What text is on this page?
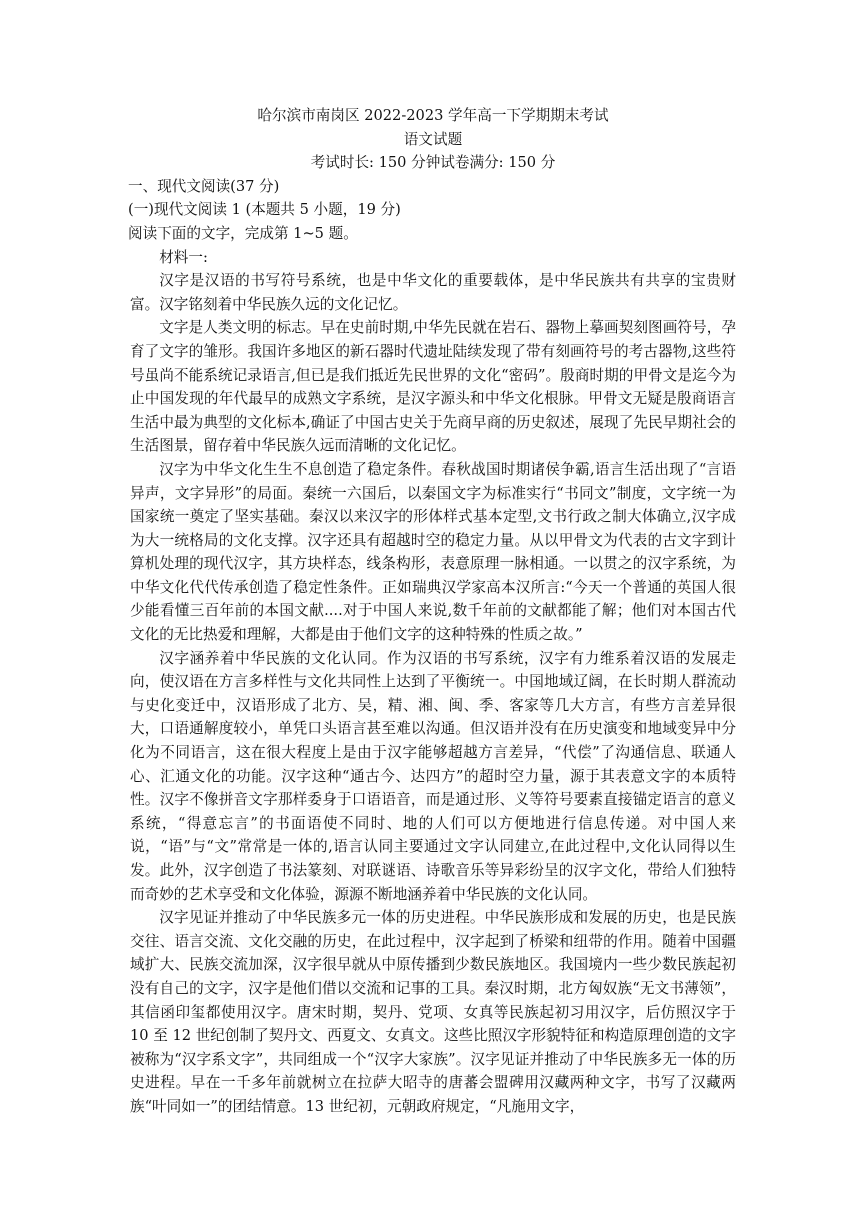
哈尔滨市南岗区 2022-2023 学年高一下学期期末考试
语文试题
考试时长: 150 分钟试卷满分: 150 分
一、现代文阅读(37 分)
(一)现代文阅读 1 (本题共 5 小题，19 分)
阅读下面的文字，完成第 1~5 题。

材料一:

汉字是汉语的书写符号系统，也是中华文化的重要载体，是中华民族共有共享的宝贵财富。汉字铭刻着中华民族久远的文化记忆。

文字是人类文明的标志。早在史前时期,中华先民就在岩石、器物上摹画契刻图画符号，孕育了文字的雏形。我国许多地区的新石器时代遗址陆续发现了带有刻画符号的考古器物,这些符号虽尚不能系统记录语言,但已是我们抵近先民世界的文化“密码”。殷商时期的甲骨文是迄今为止中国发现的年代最早的成熟文字系统，是汉字源头和中华文化根脉。甲骨文无疑是殷商语言生活中最为典型的文化标本,确证了中国古史关于先商早商的历史叙述，展现了先民早期社会的生活图景，留存着中华民族久远而清晰的文化记忆。

汉字为中华文化生生不息创造了稳定条件。春秋战国时期诸侯争霸,语言生活出现了“言语异声，文字异形”的局面。秦统一六国后，以秦国文字为标准实行“书同文”制度，文字统一为国家统一奠定了坚实基础。秦汉以来汉字的形体样式基本定型,文书行政之制大体确立,汉字成为大一统格局的文化支撑。汉字还具有超越时空的稳定力量。从以甲骨文为代表的古文字到计算机处理的现代汉字，其方块样态，线条构形，表意原理一脉相通。一以贯之的汉字系统，为中华文化代代传承创造了稳定性条件。正如瑞典汉学家高本汉所言:“今天一个普通的英国人很少能看懂三百年前的本国文献....对于中国人来说,数千年前的文献都能了解；他们对本国古代文化的无比热爱和理解，大都是由于他们文字的这种特殊的性质之故。”

汉字涵养着中华民族的文化认同。作为汉语的书写系统，汉字有力维系着汉语的发展走向，使汉语在方言多样性与文化共同性上达到了平衡统一。中国地域辽阔，在长时期人群流动与史化变迁中，汉语形成了北方、吴，精、湘、闽、季、客家等几大方言，有些方言差异很大，口语通解度较小，单凭口头语言甚至难以沟通。但汉语并没有在历史演变和地域变异中分化为不同语言，这在很大程度上是由于汉字能够超越方言差异，“代偿”了沟通信息、联通人心、汇通文化的功能。汉字这种“通古今、达四方”的超时空力量，源于其表意文字的本质特性。汉字不像拼音文字那样委身于口语语音，而是通过形、义等符号要素直接锚定语言的意义系统，“得意忘言”的书面语使不同时、地的人们可以方便地进行信息传递。对中国人来说，“语”与“文”常常是一体的,语言认同主要通过文字认同建立,在此过程中,文化认同得以生发。此外，汉字创造了书法篆刻、对联谜语、诗歌音乐等异彩纷呈的汉字文化，带给人们独特而奇妙的艺术享受和文化体验，源源不断地涵养着中华民族的文化认同。

汉字见证并推动了中华民族多元一体的历史进程。中华民族形成和发展的历史，也是民族交往、语言交流、文化交融的历史，在此过程中，汉字起到了桥梁和纽带的作用。随着中国疆域扩大、民族交流加深，汉字很早就从中原传播到少数民族地区。我国境内一些少数民族起初没有自己的文字，汉字是他们借以交流和记事的工具。秦汉时期，北方匈奴族“无文书薄领”，其信函印玺都使用汉字。唐宋时期，契丹、党项、女真等民族起初习用汉字，后仿照汉字于 10 至 12 世纪创制了契丹文、西夏文、女真文。这些比照汉字形貌特征和构造原理创造的文字被称为“汉字系文字”，共同组成一个“汉字大家族”。汉字见证并推动了中华民族多无一体的历史进程。早在一千多年前就树立在拉萨大昭寺的唐蕃会盟碑用汉藏两种文字，书写了汉藏两族“叶同如一”的团结情意。13 世纪初，元朝政府规定，“凡施用文字，
